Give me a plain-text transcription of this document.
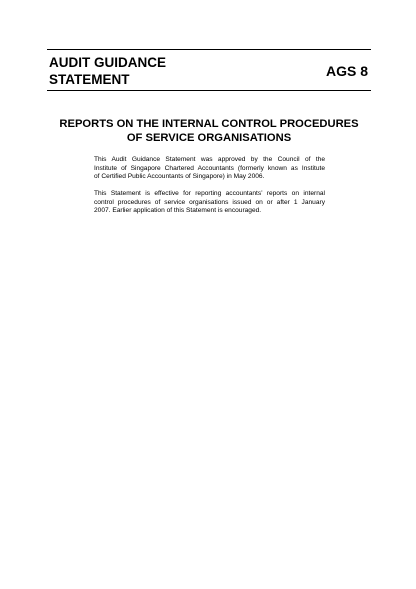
AUDIT GUIDANCE
STATEMENT
AGS 8
REPORTS ON THE INTERNAL CONTROL PROCEDURES
OF SERVICE ORGANISATIONS
This Audit Guidance Statement was approved by the Council of the
Institute of Singapore Chartered Accountants (formerly known as Institute
of Certified Public Accountants of Singapore) in May 2006.
This Statement is effective for reporting accountants’ reports on internal
control procedures of service organisations issued on or after 1 January
2007. Earlier application of this Statement is encouraged.
